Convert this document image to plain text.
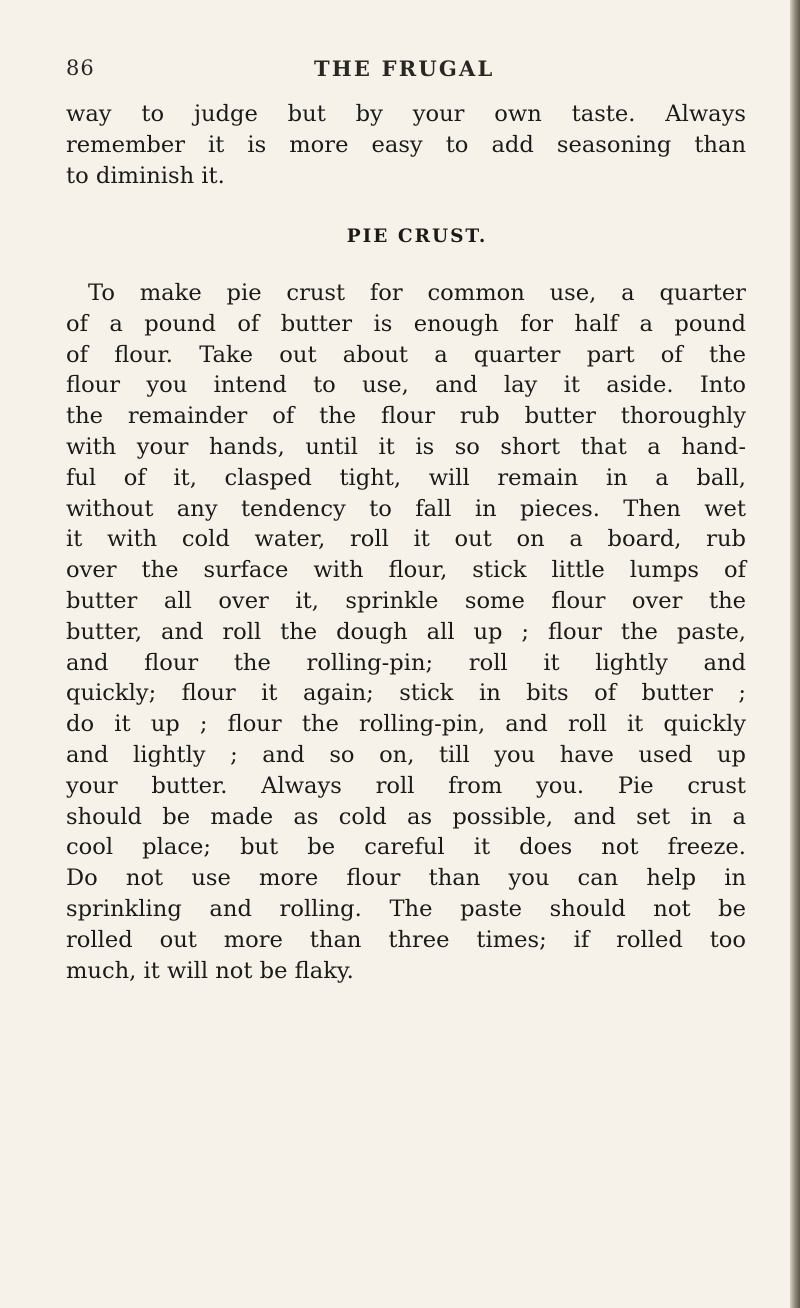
86	THE FRUGAL
way to judge but by your own taste. Always
remember it is more easy to add seasoning than
to diminish it.
PIE CRUST.
To make pie crust for common use, a quarter
of a pound of butter is enough for half a pound
of flour. Take out about a quarter part of the
flour you intend to use, and lay it aside. Into
the remainder of the flour rub butter thoroughly
with your hands, until it is so short that a hand-
ful of it, clasped tight, will remain in a ball,
without any tendency to fall in pieces. Then wet
it with cold water, roll it out on a board, rub
over the surface with flour, stick little lumps of
butter all over it, sprinkle some flour over the
butter, and roll the dough all up ; flour the paste,
and flour the rolling-pin; roll it lightly and
quickly; flour it again; stick in bits of butter ;
do it up ; flour the rolling-pin, and roll it quickly
and lightly ; and so on, till you have used up
your butter. Always roll from you. Pie crust
should be made as cold as possible, and set in a
cool place; but be careful it does not freeze.
Do not use more flour than you can help in
sprinkling and rolling. The paste should not be
rolled out more than three times; if rolled too
much, it will not be flaky.
